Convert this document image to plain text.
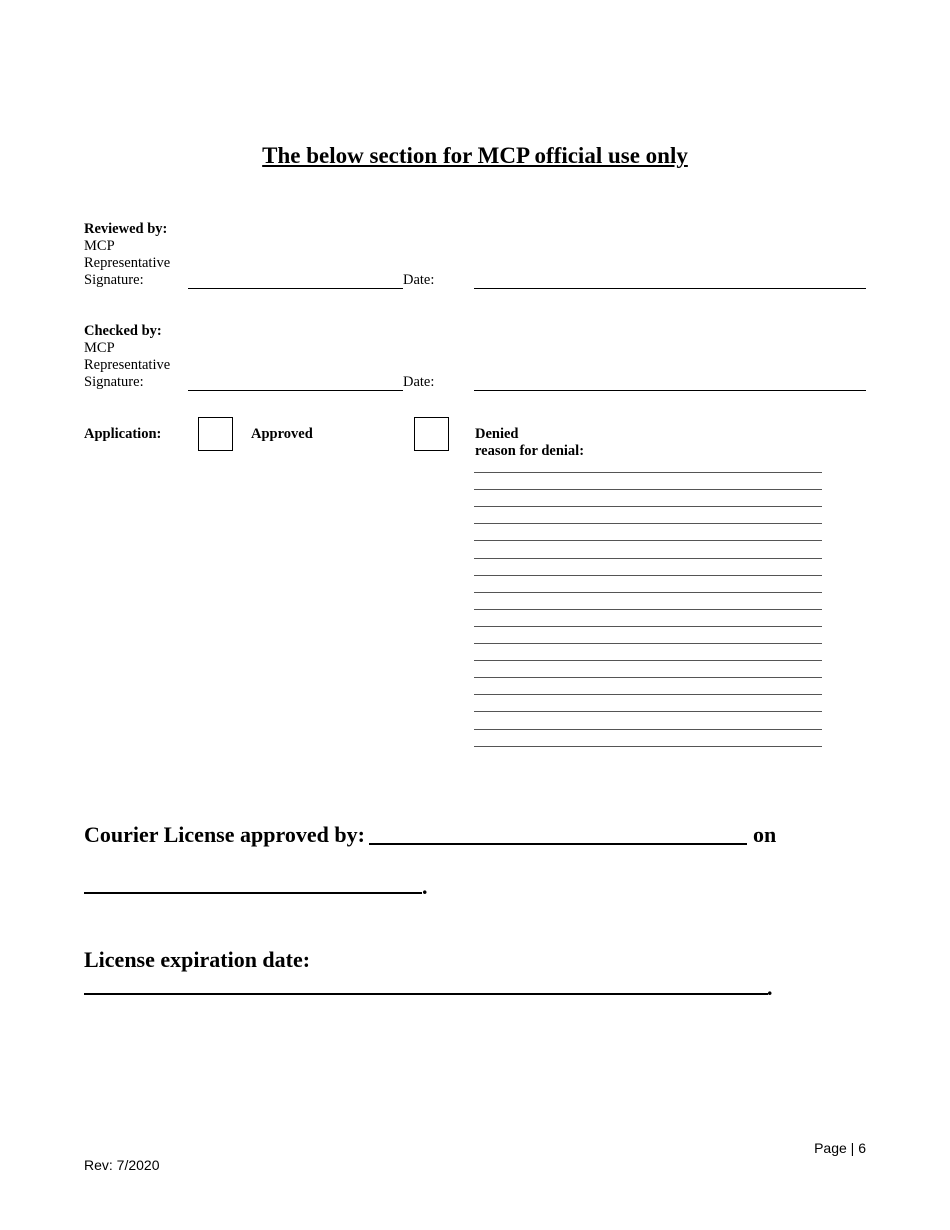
The below section for MCP official use only
Reviewed by:
MCP
Representative
Signature:	Date:
Checked by:
MCP
Representative
Signature:	Date:
Application:	Approved	Denied
reason for denial:
Courier License approved by:	on
.
License expiration date:
.
Page | 6
Rev: 7/2020
